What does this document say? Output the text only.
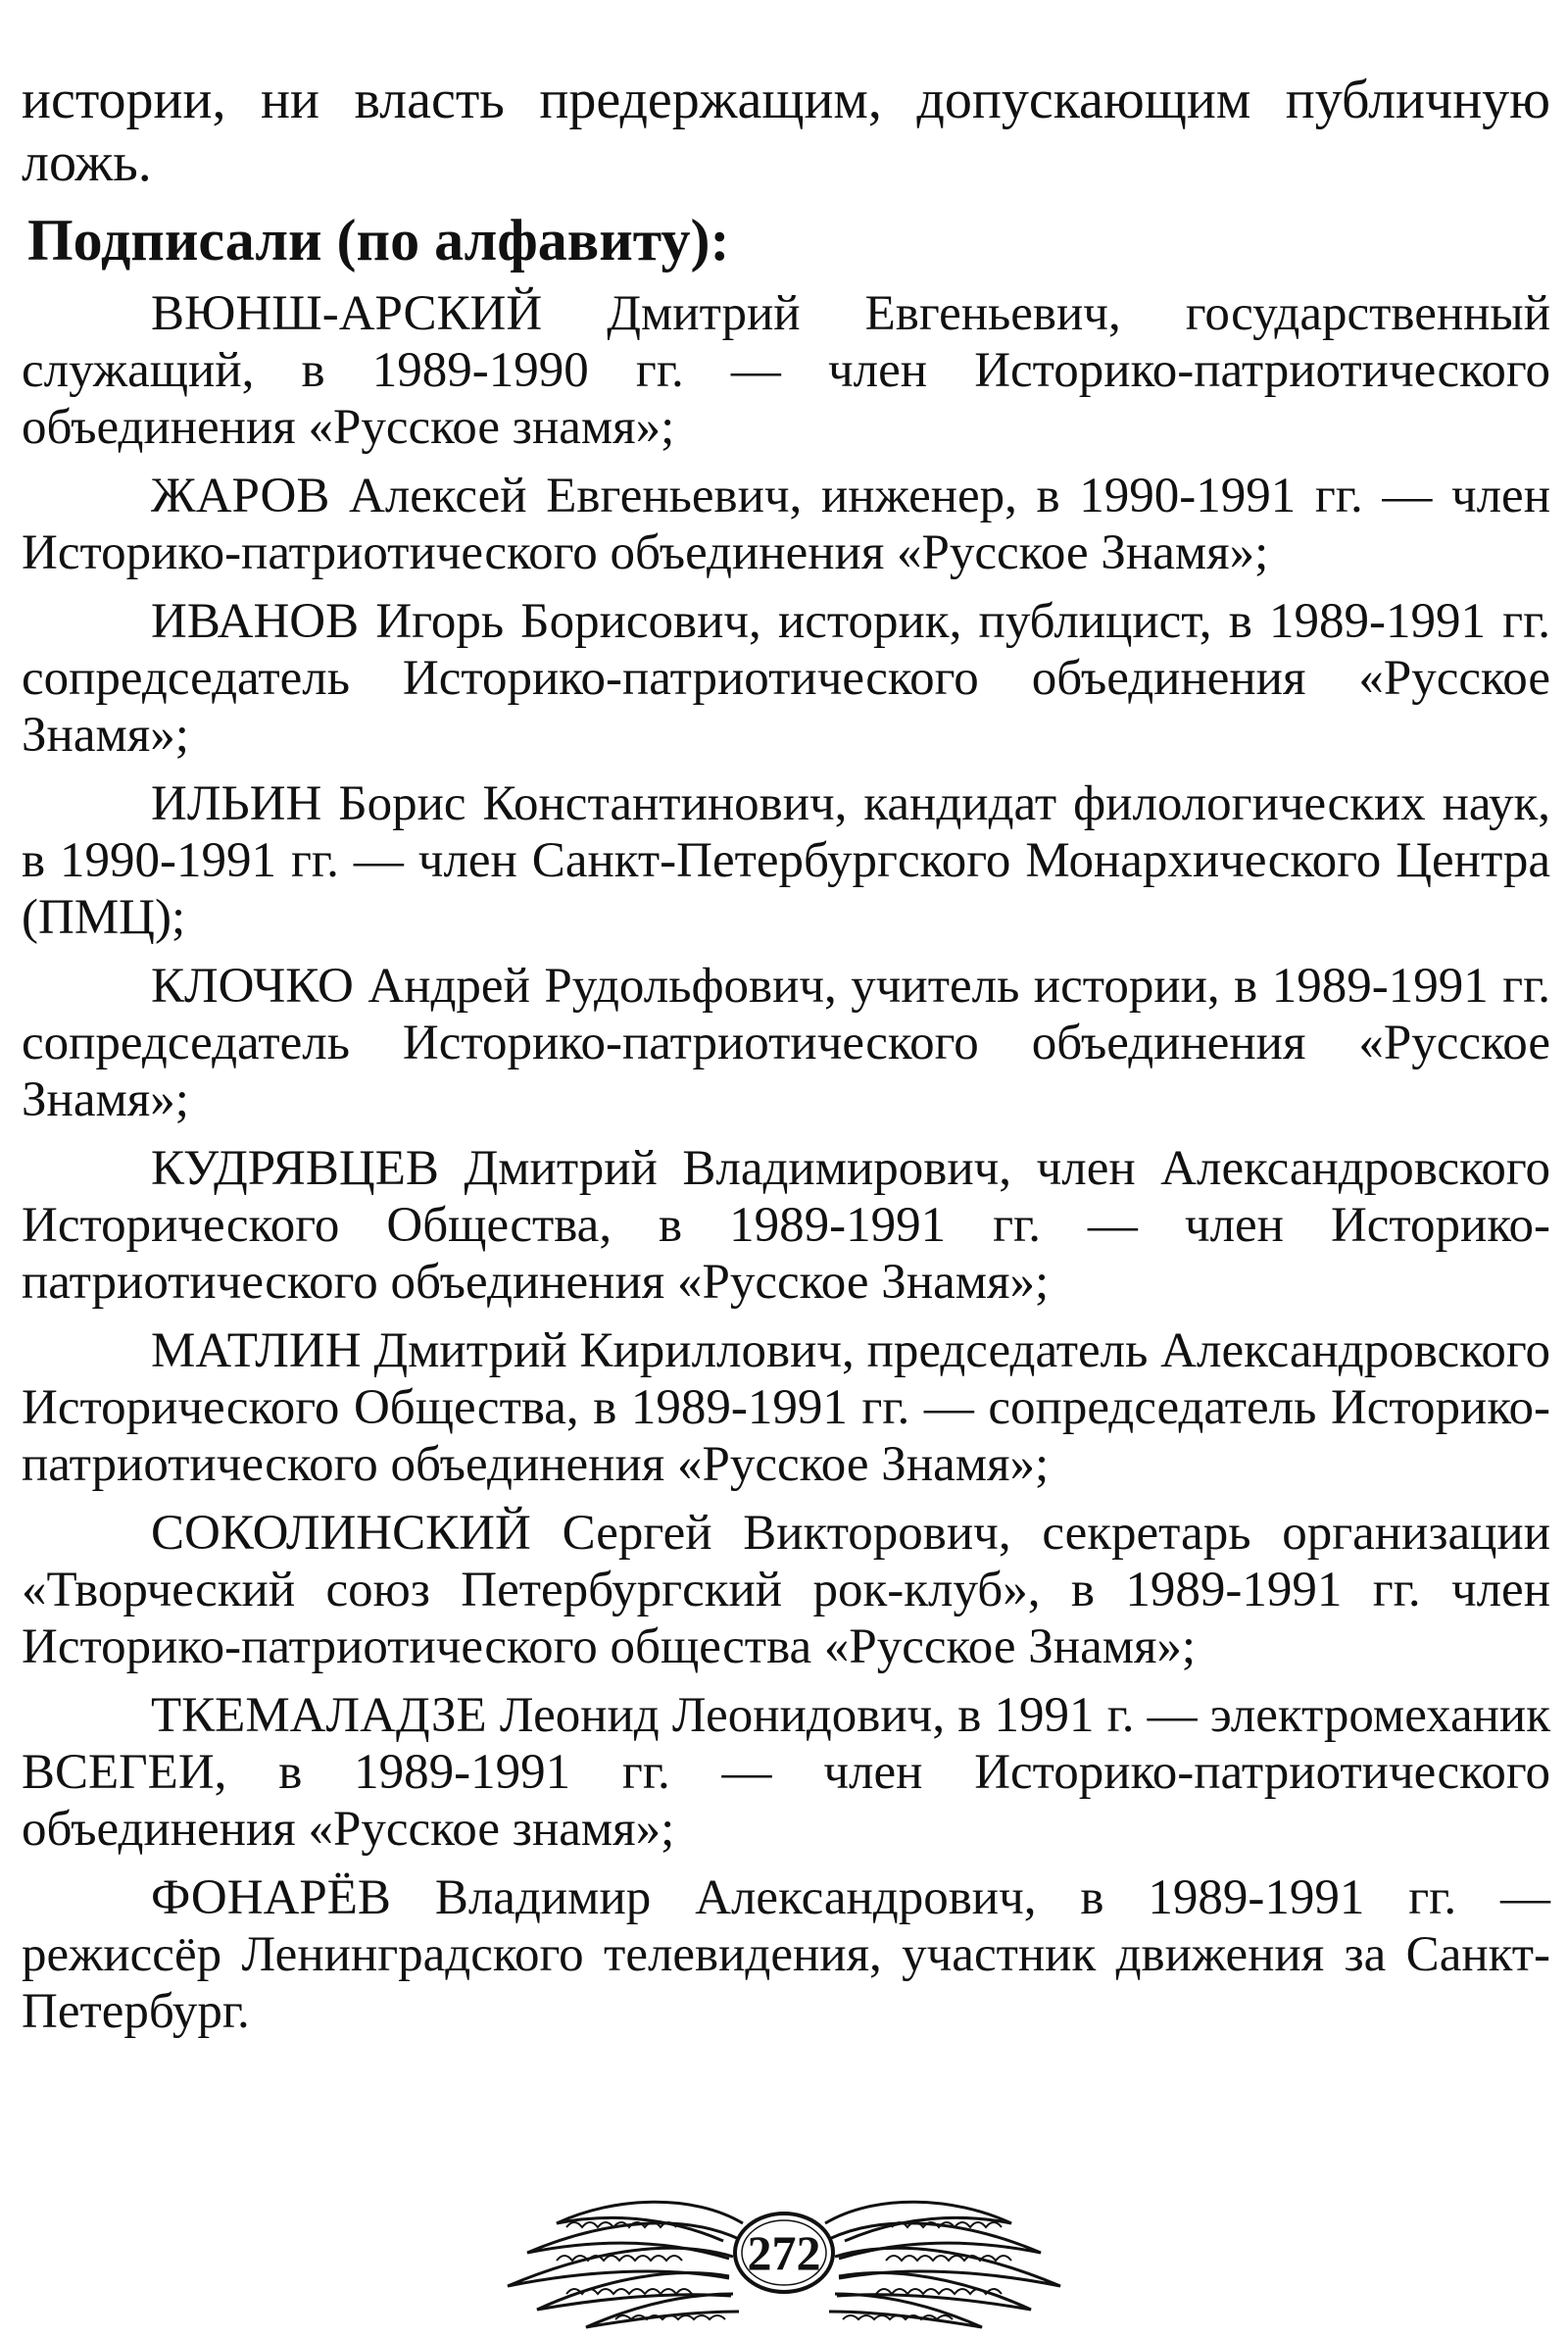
истории, ни власть предержащим, допускающим публичную ложь.

Подписали (по алфавиту):
ВЮНШ-АРСКИЙ Дмитрий Евгеньевич, государственный служащий, в 1989-1990 гг. — член Историко-патриотического объединения «Русское знамя»;
ЖАРОВ Алексей Евгеньевич, инженер, в 1990-1991 гг. — член Историко-патриотического объединения «Русское Знамя»;
ИВАНОВ Игорь Борисович, историк, публицист, в 1989-1991 гг. сопредседатель Историко-патриотического объединения «Русское Знамя»;
ИЛЬИН Борис Константинович, кандидат филологических наук, в 1990-1991 гг. — член Санкт-Петербургского Монархического Центра (ПМЦ);
КЛОЧКО Андрей Рудольфович, учитель истории, в 1989-1991 гг. сопредседатель Историко-патриотического объединения «Русское Знамя»;
КУДРЯВЦЕВ Дмитрий Владимирович, член Александровского Исторического Общества, в 1989-1991 гг. — член Историко-патриотического объединения «Русское Знамя»;
МАТЛИН Дмитрий Кириллович, председатель Александровского Исторического Общества, в 1989-1991 гг. — сопредседатель Историко-патриотического объединения «Русское Знамя»;
СОКОЛИНСКИЙ Сергей Викторович, секретарь организации «Творческий союз Петербургский рок-клуб», в 1989-1991 гг. член Историко-патриотического общества «Русское Знамя»;
ТКЕМАЛАДЗЕ Леонид Леонидович, в 1991 г. — электромеханик ВСЕГЕИ, в 1989-1991 гг. — член Историко-патриотического объединения «Русское знамя»;
ФОНАРЁВ Владимир Александрович, в 1989-1991 гг. — режиссёр Ленинградского телевидения, участник движения за Санкт-Петербург.
272
